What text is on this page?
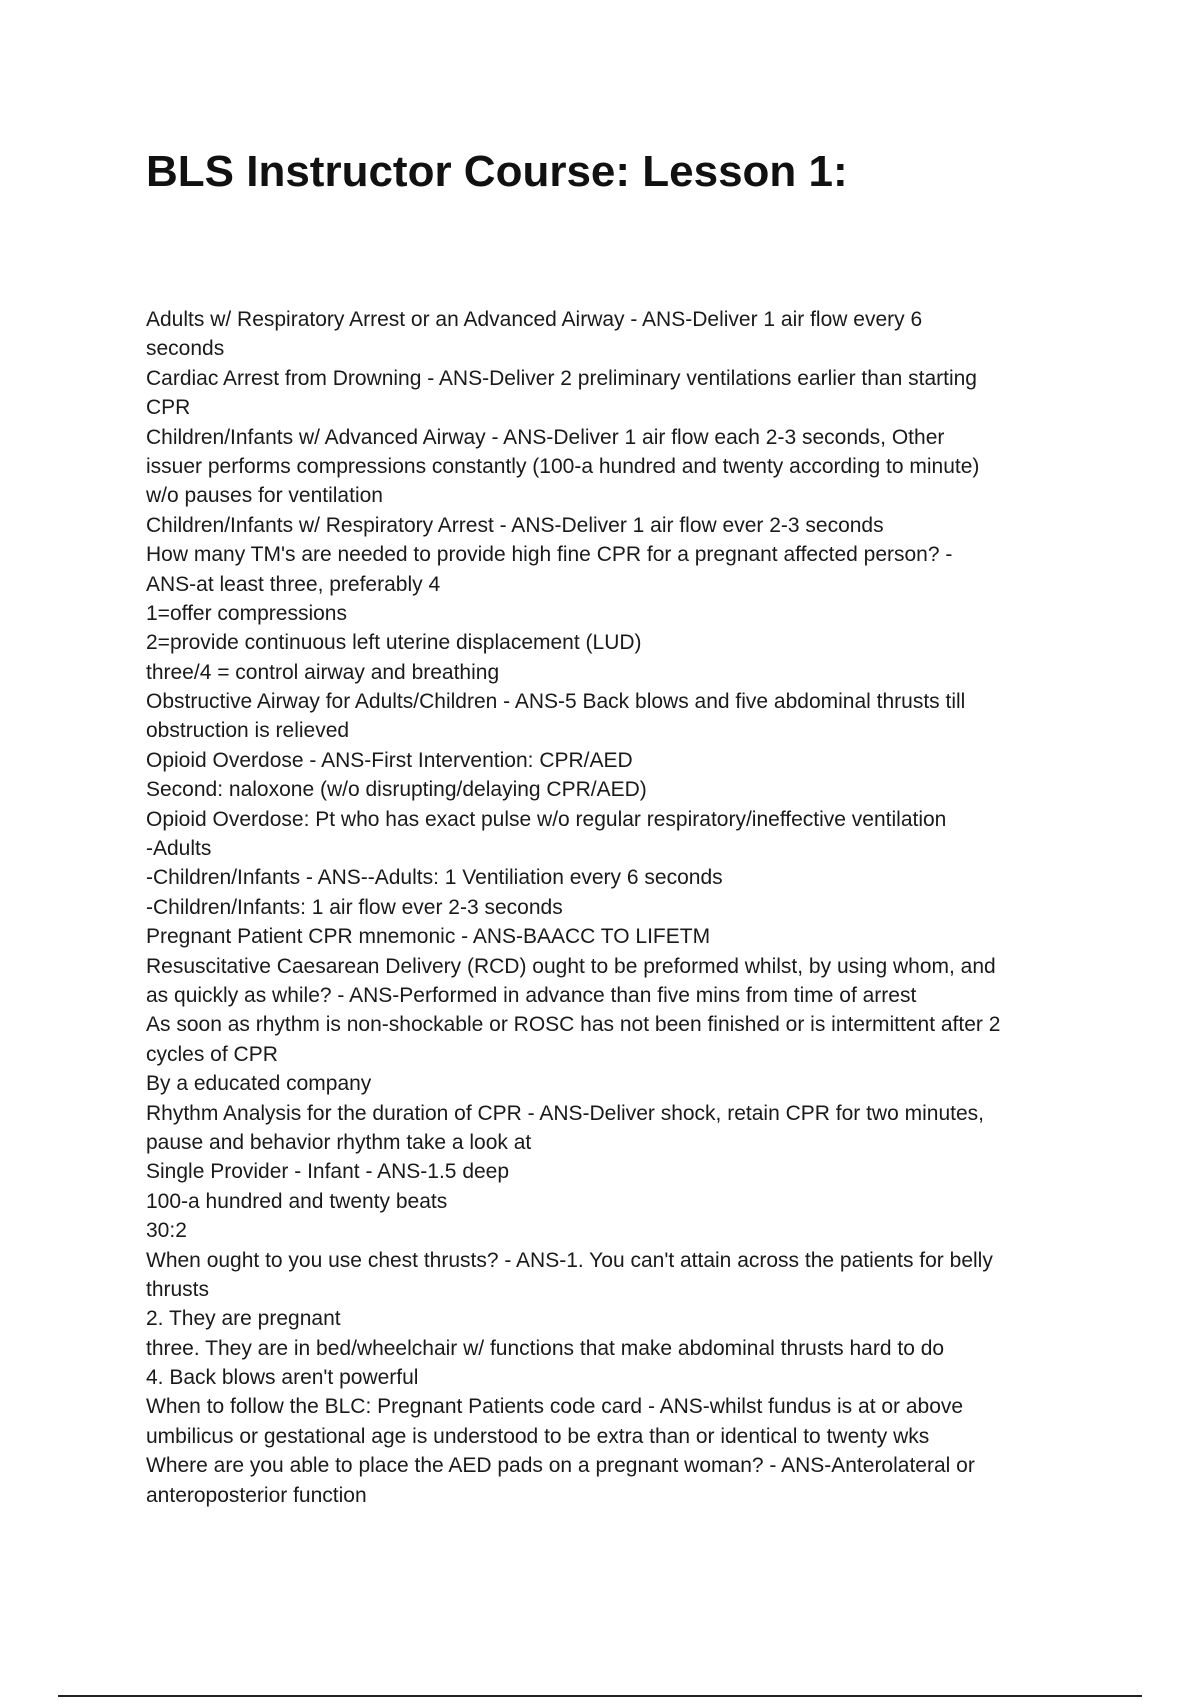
BLS Instructor Course: Lesson 1:
Adults w/ Respiratory Arrest or an Advanced Airway - ANS-Deliver 1 air flow every 6
seconds
Cardiac Arrest from Drowning - ANS-Deliver 2 preliminary ventilations earlier than starting
CPR
Children/Infants w/ Advanced Airway - ANS-Deliver 1 air flow each 2-3 seconds, Other
issuer performs compressions constantly (100-a hundred and twenty according to minute)
w/o pauses for ventilation
Children/Infants w/ Respiratory Arrest - ANS-Deliver 1 air flow ever 2-3 seconds
How many TM's are needed to provide high fine CPR for a pregnant affected person? -
ANS-at least three, preferably 4
1=offer compressions
2=provide continuous left uterine displacement (LUD)
three/4 = control airway and breathing
Obstructive Airway for Adults/Children - ANS-5 Back blows and five abdominal thrusts till
obstruction is relieved
Opioid Overdose - ANS-First Intervention: CPR/AED
Second: naloxone (w/o disrupting/delaying CPR/AED)
Opioid Overdose: Pt who has exact pulse w/o regular respiratory/ineffective ventilation
-Adults
-Children/Infants - ANS--Adults: 1 Ventiliation every 6 seconds
-Children/Infants: 1 air flow ever 2-3 seconds
Pregnant Patient CPR mnemonic - ANS-BAACC TO LIFETM
Resuscitative Caesarean Delivery (RCD) ought to be preformed whilst, by using whom, and
as quickly as while? - ANS-Performed in advance than five mins from time of arrest
As soon as rhythm is non-shockable or ROSC has not been finished or is intermittent after 2
cycles of CPR
By a educated company
Rhythm Analysis for the duration of CPR - ANS-Deliver shock, retain CPR for two minutes,
pause and behavior rhythm take a look at
Single Provider - Infant - ANS-1.5 deep
100-a hundred and twenty beats
30:2
When ought to you use chest thrusts? - ANS-1. You can't attain across the patients for belly
thrusts
2. They are pregnant
three. They are in bed/wheelchair w/ functions that make abdominal thrusts hard to do
4. Back blows aren't powerful
When to follow the BLC: Pregnant Patients code card - ANS-whilst fundus is at or above
umbilicus or gestational age is understood to be extra than or identical to twenty wks
Where are you able to place the AED pads on a pregnant woman? - ANS-Anterolateral or
anteroposterior function
